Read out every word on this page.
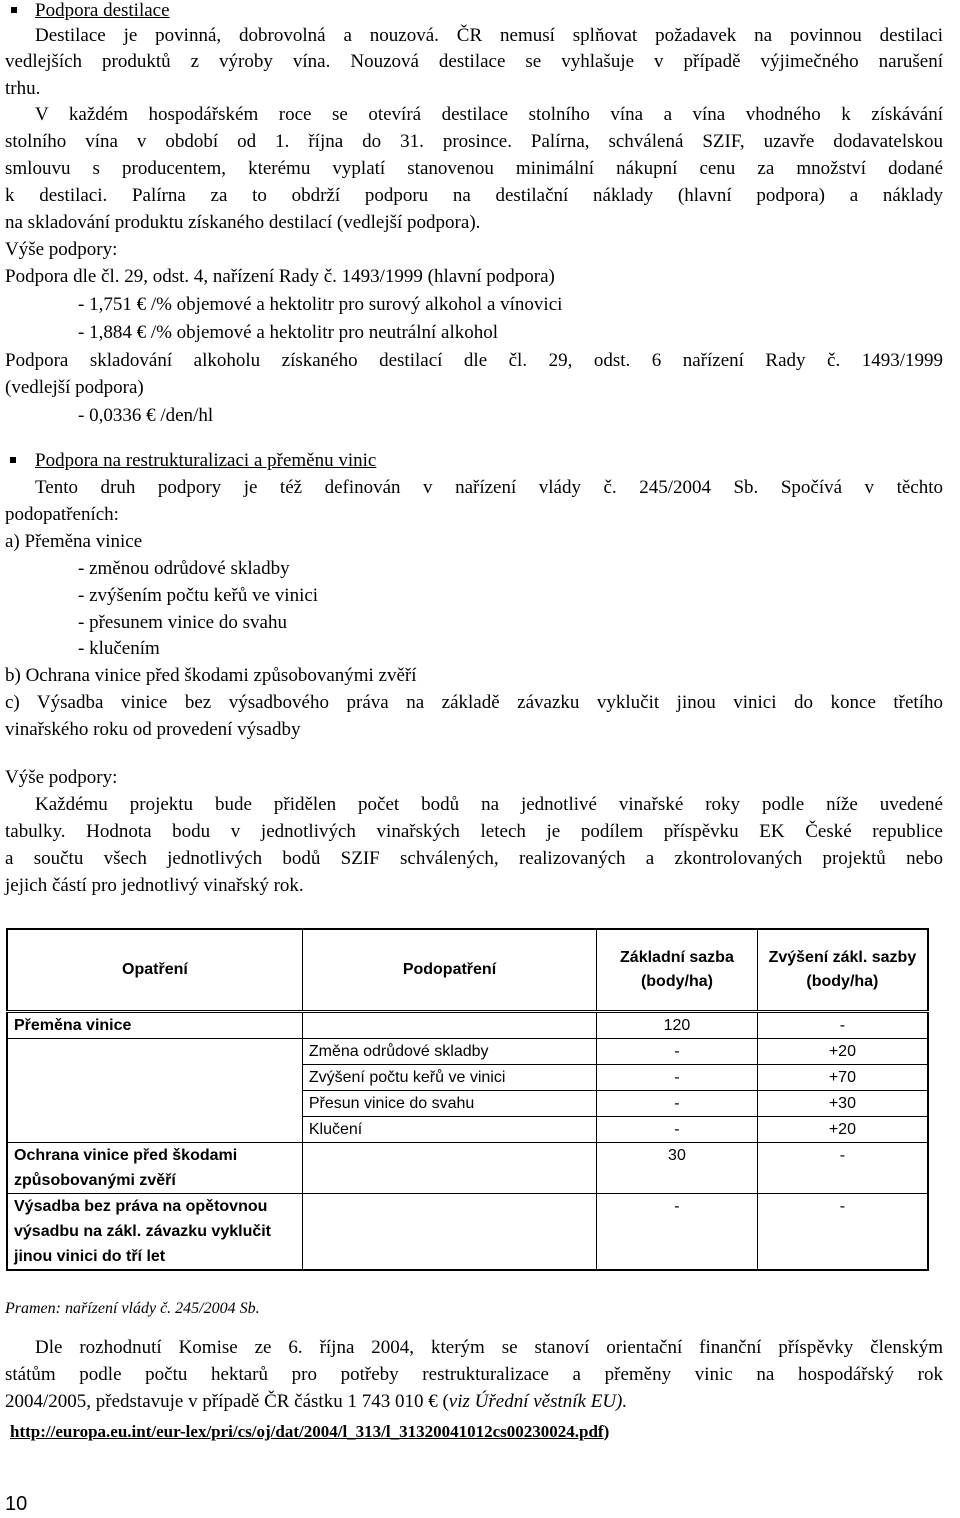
Podpora destilace
Destilace je povinná, dobrovolná a nouzová. ČR nemusí splňovat požadavek na povinnou destilaci
vedlejších produktů z výroby vína. Nouzová destilace se vyhlašuje v případě výjimečného narušení
trhu.
V každém hospodářském roce se otevírá destilace stolního vína a vína vhodného k získávání
stolního vína v období od 1. října do 31. prosince. Palírna, schválená SZIF, uzavře dodavatelskou
smlouvu s producentem, kterému vyplatí stanovenou minimální nákupní cenu za množství dodané
k destilaci. Palírna za to obdrží podporu na destilační náklady (hlavní podpora) a náklady
na skladování produktu získaného destilací (vedlejší podpora).
Výše podpory:
Podpora dle čl. 29, odst. 4, nařízení Rady č. 1493/1999 (hlavní podpora)
- 1,751 € /% objemové a hektolitr pro surový alkohol a vínovici
- 1,884 € /% objemové a hektolitr pro neutrální alkohol
Podpora skladování alkoholu získaného destilací dle čl. 29, odst. 6 nařízení Rady č. 1493/1999
(vedlejší podpora)
- 0,0336 € /den/hl
Podpora na restrukturalizaci a přeměnu vinic
Tento druh podpory je též definován v nařízení vlády č. 245/2004 Sb. Spočívá v těchto
podopatřeních:
a) Přeměna vinice
- změnou odrůdové skladby
- zvýšením počtu keřů ve vinici
- přesunem vinice do svahu
- klučením
b) Ochrana vinice před škodami způsobovanými zvěří
c) Výsadba vinice bez výsadbového práva na základě závazku vyklučit jinou vinici do konce třetího
vinařského roku od provedení výsadby
Výše podpory:
Každému projektu bude přidělen počet bodů na jednotlivé vinařské roky podle níže uvedené
tabulky. Hodnota bodu v jednotlivých vinařských letech je podílem příspěvku EK České republice
a součtu všech jednotlivých bodů SZIF schválených, realizovaných a zkontrolovaných projektů nebo
jejich částí pro jednotlivý vinařský rok.
Opatření	Podopatření	Základní sazba (body/ha)	Zvýšení zákl. sazby (body/ha)
Přeměna vinice		120	-
	Změna odrůdové skladby	-	+20
	Zvýšení počtu keřů ve vinici	-	+70
	Přesun vinice do svahu	-	+30
	Klučení	-	+20
Ochrana vinice před škodami způsobovanými zvěří		30	-
Výsadba bez práva na opětovnou výsadbu na zákl. závazku vyklučit jinou vinici do tří let		-	-
Pramen: nařízení vlády č. 245/2004 Sb.
Dle rozhodnutí Komise ze 6. října 2004, kterým se stanoví orientační finanční příspěvky členským
státům podle počtu hektarů pro potřeby restrukturalizace a přeměny vinic na hospodářský rok
2004/2005, představuje v případě ČR částku 1 743 010 € (viz Úřední věstník EU).
http://europa.eu.int/eur-lex/pri/cs/oj/dat/2004/l_313/l_31320041012cs00230024.pdf)
10
